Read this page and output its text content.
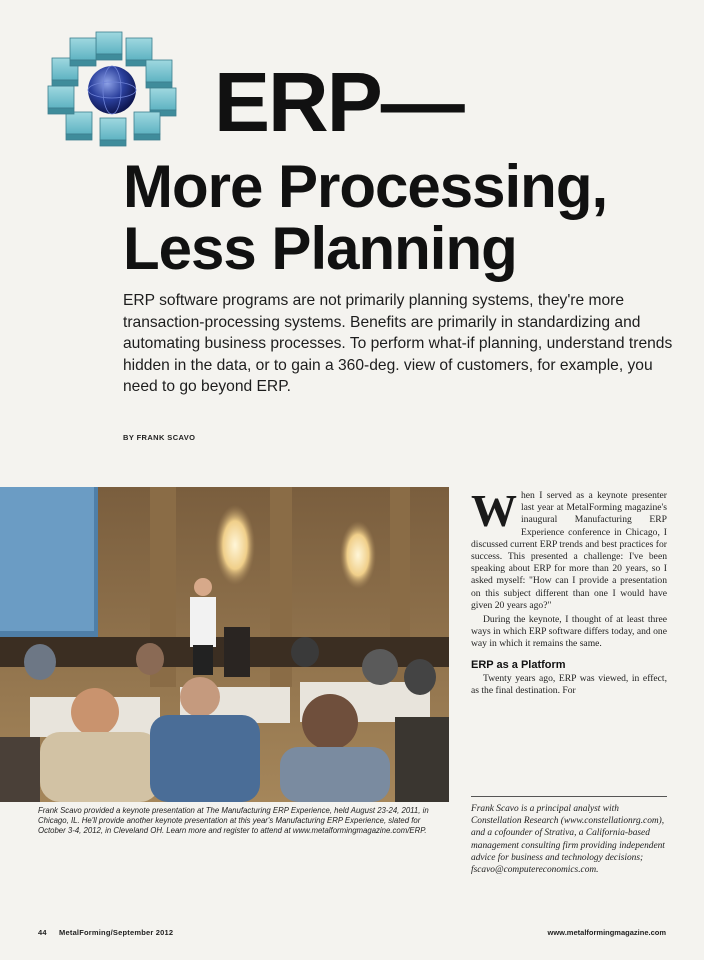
ERP—
More Processing,
Less Planning

ERP software programs are not primarily planning systems, they're more transaction-processing systems. Benefits are primarily in standardizing and automating business processes. To perform what-if planning, understand trends hidden in the data, or to gain a 360-deg. view of customers, for example, you need to go beyond ERP.

BY FRANK SCAVO
Frank Scavo provided a keynote presentation at The Manufacturing ERP Experience, held August 23-24, 2011, in Chicago, IL. He'll provide another keynote presentation at this year's Manufacturing ERP Experience, slated for October 3-4, 2012, in Cleveland OH. Learn more and register to attend at www.metalformingmagazine.com/ERP.

When I served as a keynote presenter last year at MetalForming magazine's inaugural Manufacturing ERP Experience conference in Chicago, I discussed current ERP trends and best practices for success. This presented a challenge: I've been speaking about ERP for more than 20 years, so I asked myself: "How can I provide a presentation on this subject different than one I would have given 20 years ago?"

During the keynote, I thought of at least three ways in which ERP software differs today, and one way in which it remains the same.

ERP as a Platform

Twenty years ago, ERP was viewed, in effect, as the final destination. For

Frank Scavo is a principal analyst with Constellation Research (www.constellationrg.com), and a cofounder of Strativa, a California-based management consulting firm providing independent advice for business and technology decisions; fscavo@computereconomics.com.
44 MetalForming/September 2012	www.metalformingmagazine.com
